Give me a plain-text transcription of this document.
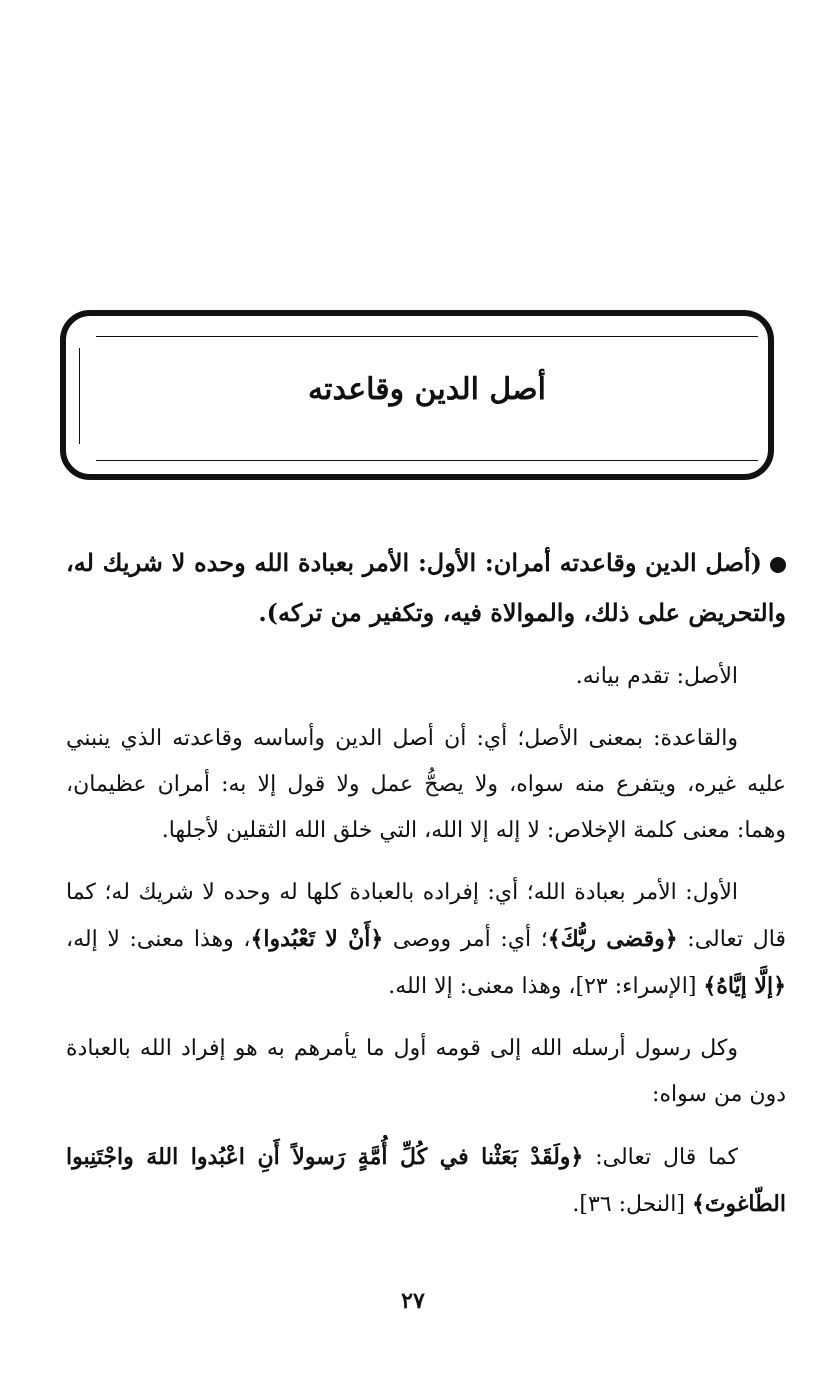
أصل الدين وقاعدته

(أصل الدين وقاعدته أمران: الأول: الأمر بعبادة الله وحده لا شريك له، والتحريض على ذلك، والموالاة فيه، وتكفير من تركه).

الأصل: تقدم بيانه.

والقاعدة: بمعنى الأصل؛ أي: أن أصل الدين وأساسه وقاعدته الذي ينبني عليه غيره، ويتفرع منه سواه، ولا يصحُّ عمل ولا قول إلا به: أمران عظيمان، وهما: معنى كلمة الإخلاص: لا إله إلا الله، التي خلق الله الثقلين لأجلها.

الأول: الأمر بعبادة الله؛ أي: إفراده بالعبادة كلها له وحده لا شريك له؛ كما قال تعالى: ﴿وقضى ربُّكَ﴾؛ أي: أمر ووصى ﴿أَنْ لا تَعْبُدوا﴾، وهذا معنى: لا إله، ﴿إلَّا إيَّاهُ﴾ [الإسراء: ٢٣]، وهذا معنى: إلا الله.

وكل رسول أرسله الله إلى قومه أول ما يأمرهم به هو إفراد الله بالعبادة دون من سواه:

كما قال تعالى: ﴿ولَقَدْ بَعَثْنا في كُلِّ أُمَّةٍ رَسولاً أَنِ اعْبُدوا اللهَ واجْتَنِبوا الطّاغوتَ﴾ [النحل: ٣٦].

٢٧
